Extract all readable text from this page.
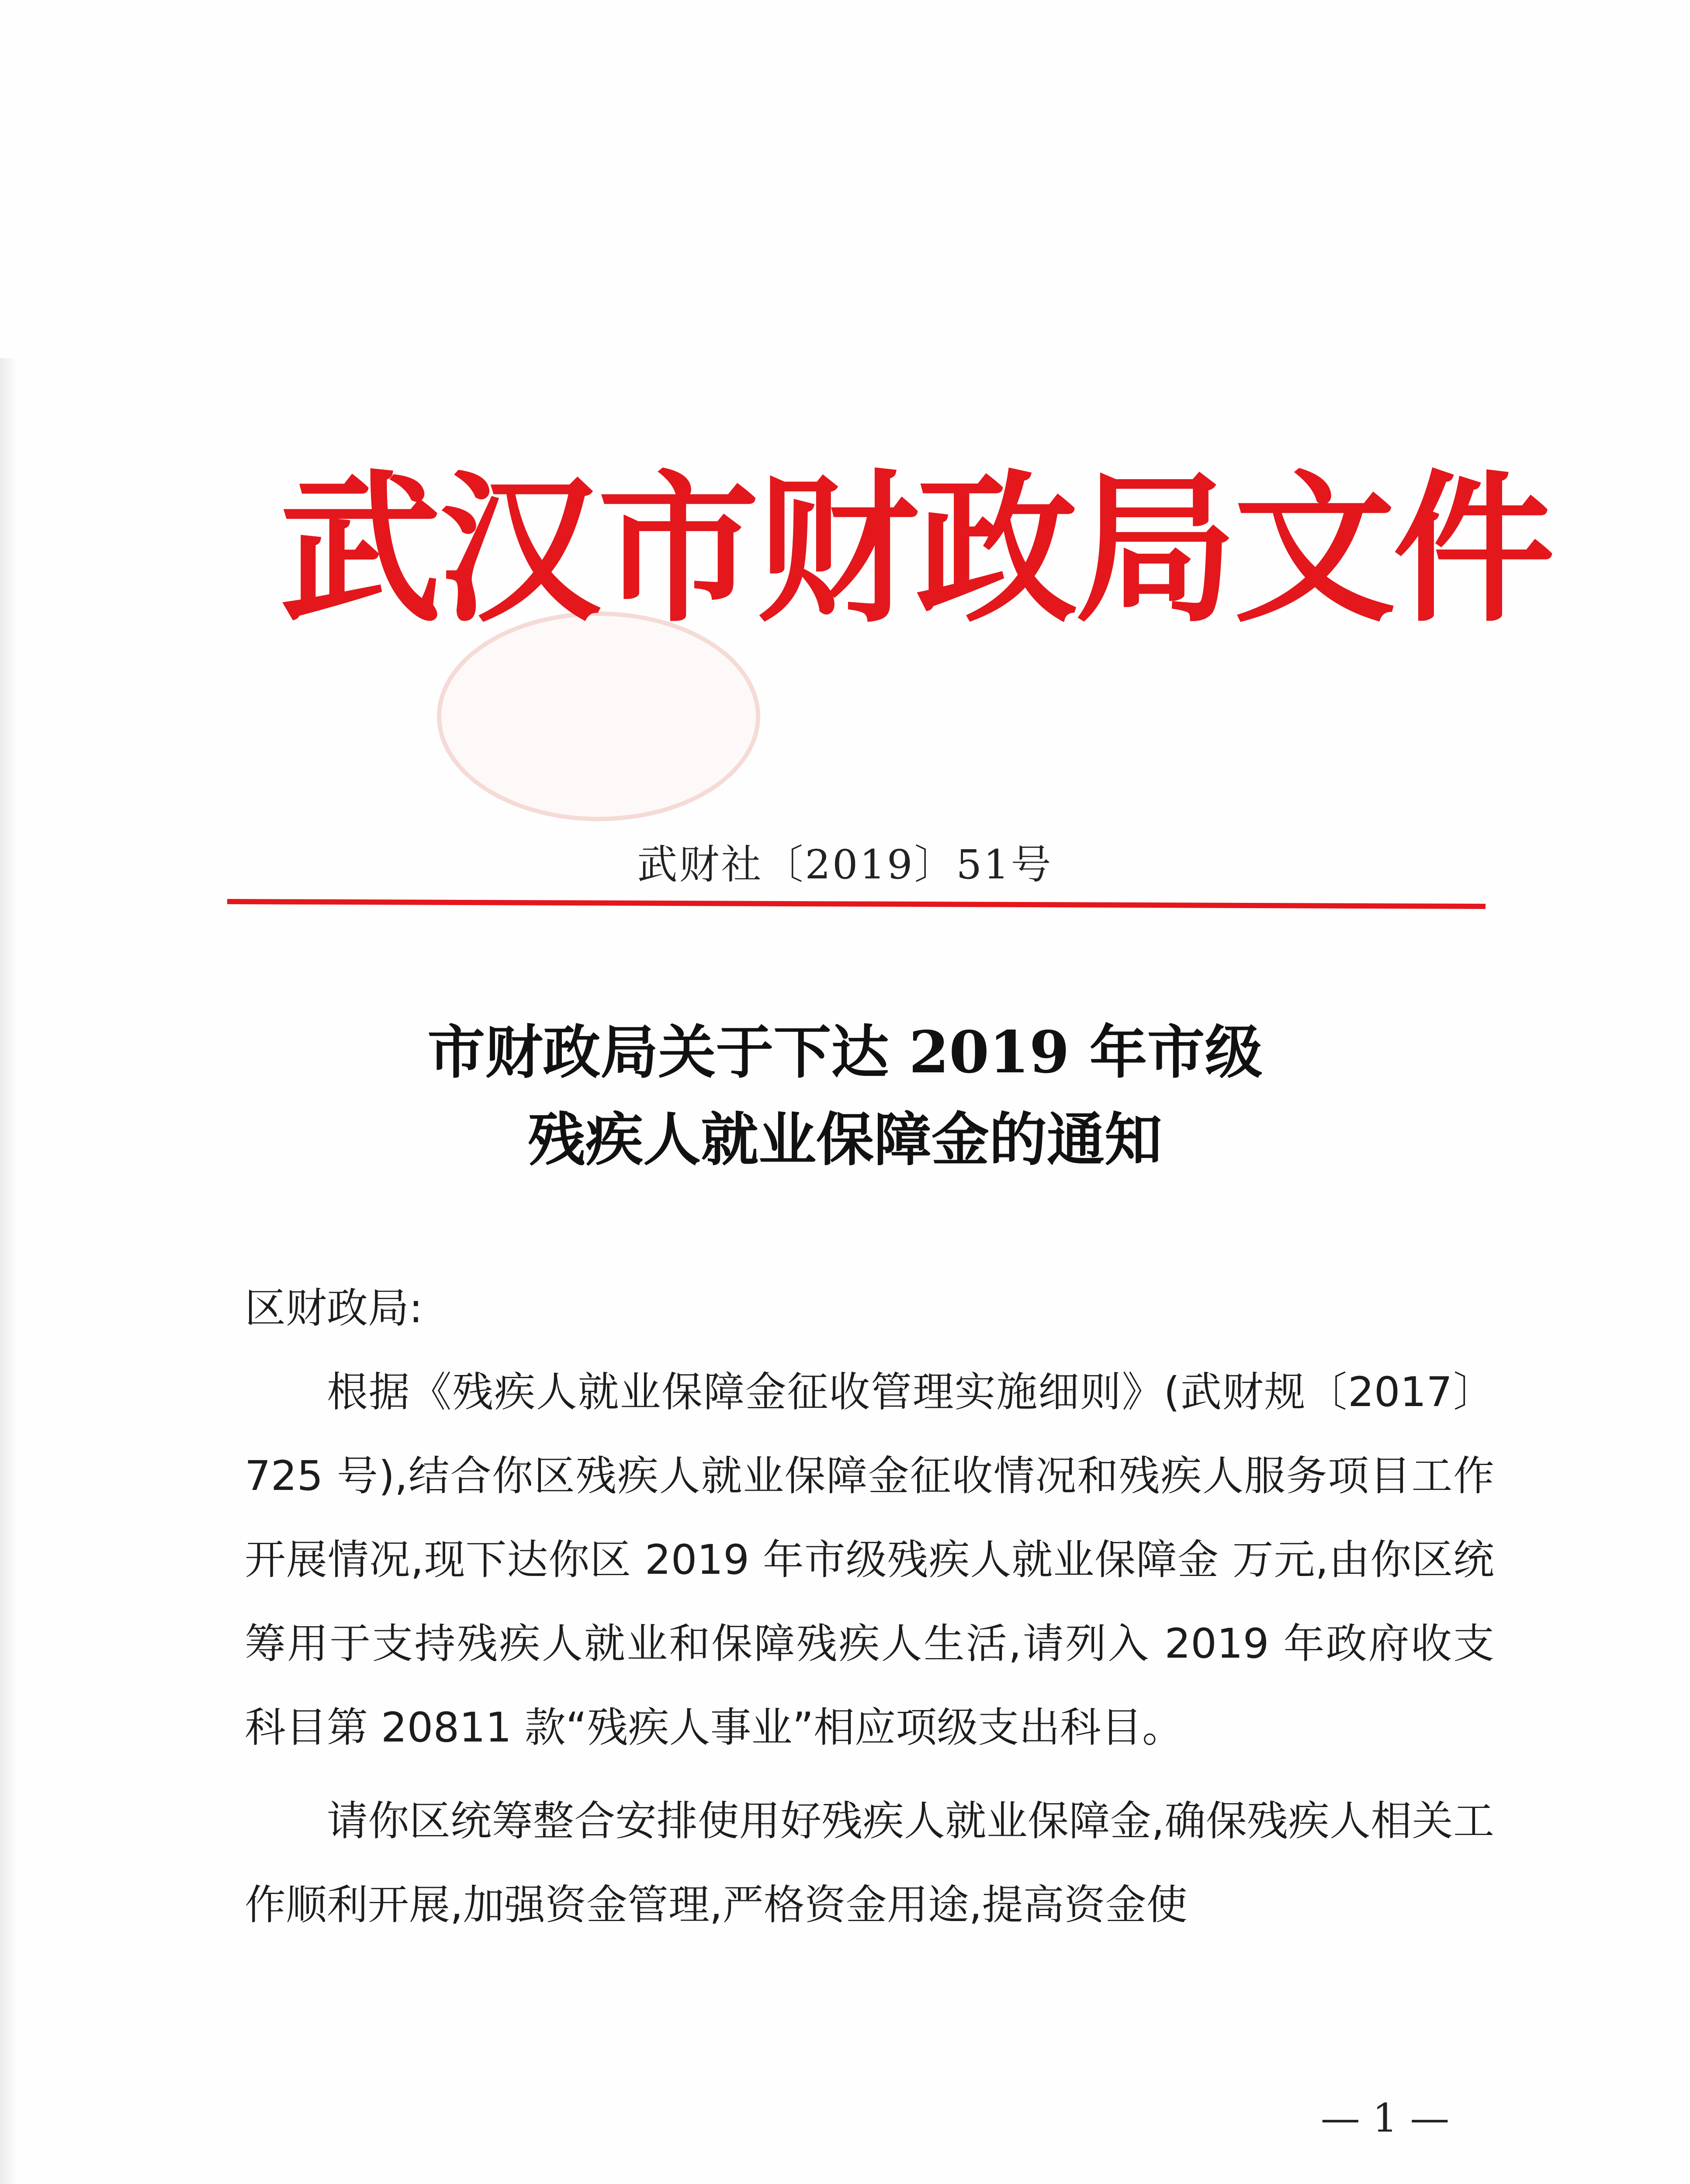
武汉市财政局文件
武财社〔2019〕51号
市财政局关于下达 2019 年市级
残疾人就业保障金的通知

区财政局:

根据《残疾人就业保障金征收管理实施细则》(武财规〔2017〕725 号),结合你区残疾人就业保障金征收情况和残疾人服务项目工作开展情况,现下达你区 2019 年市级残疾人就业保障金 万元,由你区统筹用于支持残疾人就业和保障残疾人生活,请列入 2019 年政府收支科目第 20811 款“残疾人事业”相应项级支出科目。

请你区统筹整合安排使用好残疾人就业保障金,确保残疾人相关工作顺利开展,加强资金管理,严格资金用途,提高资金使

— 1 —
